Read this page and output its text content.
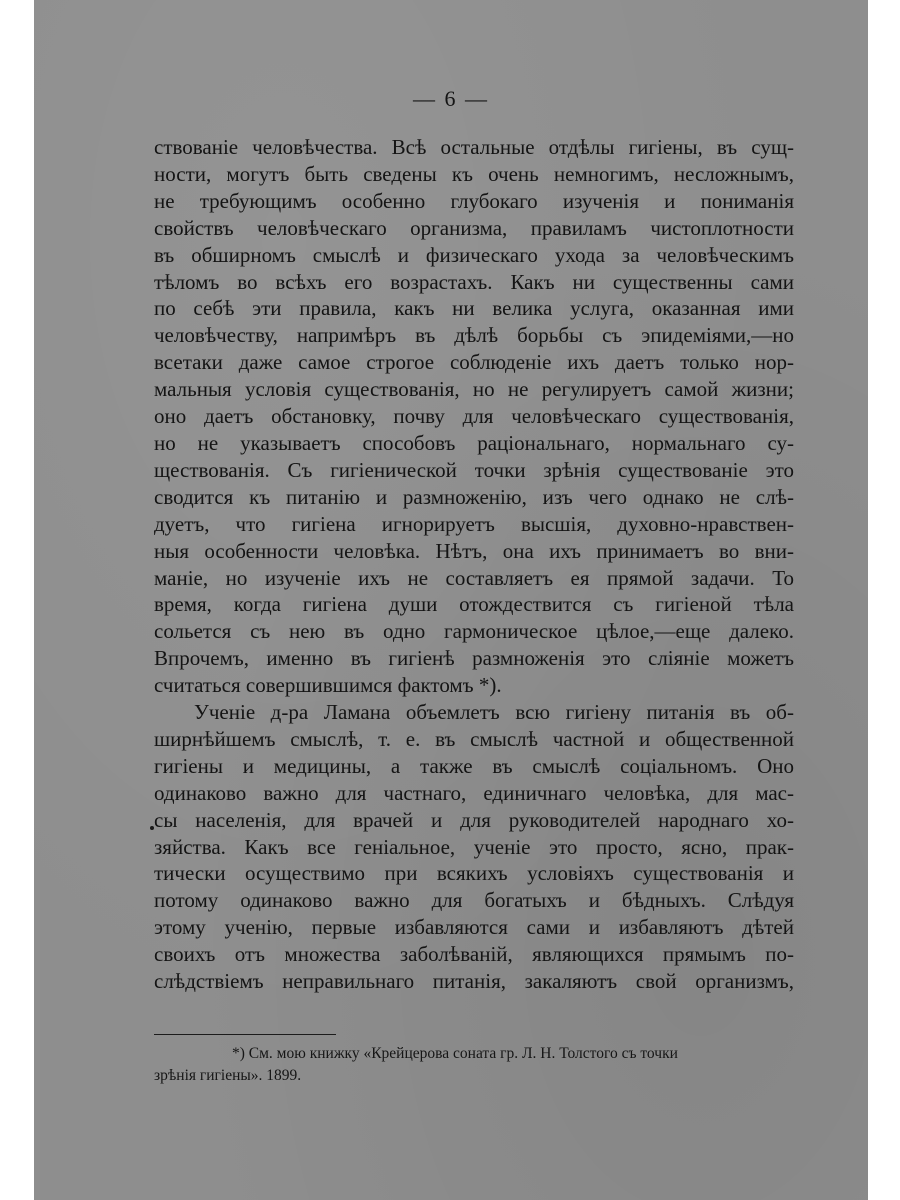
— 6 —

ствованіе человѣчества. Всѣ остальные отдѣлы гигіены, въ сущ-
ности, могутъ быть сведены къ очень немногимъ, несложнымъ,
не требующимъ особенно глубокаго изученія и пониманія
свойствъ человѣческаго организма, правиламъ чистоплотности
въ обширномъ смыслѣ и физическаго ухода за человѣческимъ
тѣломъ во всѣхъ его возрастахъ. Какъ ни существенны сами
по себѣ эти правила, какъ ни велика услуга, оказанная ими
человѣчеству, напримѣръ въ дѣлѣ борьбы съ эпидеміями,—но
всетаки даже самое строгое соблюденіе ихъ даетъ только нор-
мальныя условія существованія, но не регулируетъ самой жизни;
оно даетъ обстановку, почву для человѣческаго существованія,
но не указываетъ способовъ раціональнаго, нормальнаго су-
ществованія. Съ гигіенической точки зрѣнія существованіе это
сводится къ питанію и размноженію, изъ чего однако не слѣ-
дуетъ, что гигіена игнорируетъ высшія, духовно-нравствен-
ныя особенности человѣка. Нѣтъ, она ихъ принимаетъ во вни-
маніе, но изученіе ихъ не составляетъ ея прямой задачи. То
время, когда гигіена души отождествится съ гигіеной тѣла
сольется съ нею въ одно гармоническое цѣлое,—еще далеко.
Впрочемъ, именно въ гигіенѣ размноженія это сліяніе можетъ
считаться совершившимся фактомъ *).

Ученіе д-ра Ламана объемлетъ всю гигіену питанія въ об-
ширнѣйшемъ смыслѣ, т. е. въ смыслѣ частной и общественной
гигіены и медицины, а также въ смыслѣ соціальномъ. Оно
одинаково важно для частнаго, единичнаго человѣка, для мас-
сы населенія, для врачей и для руководителей народнаго хо-
зяйства. Какъ все геніальное, ученіе это просто, ясно, прак-
тически осуществимо при всякихъ условіяхъ существованія и
потому одинаково важно для богатыхъ и бѣдныхъ. Слѣдуя
этому ученію, первые избавляются сами и избавляютъ дѣтей
своихъ отъ множества заболѣваній, являющихся прямымъ по-
слѣдствіемъ неправильнаго питанія, закаляютъ свой организмъ,

*) См. мою книжку «Крейцерова соната гр. Л. Н. Толстого съ точки
зрѣнія гигіены». 1899.
